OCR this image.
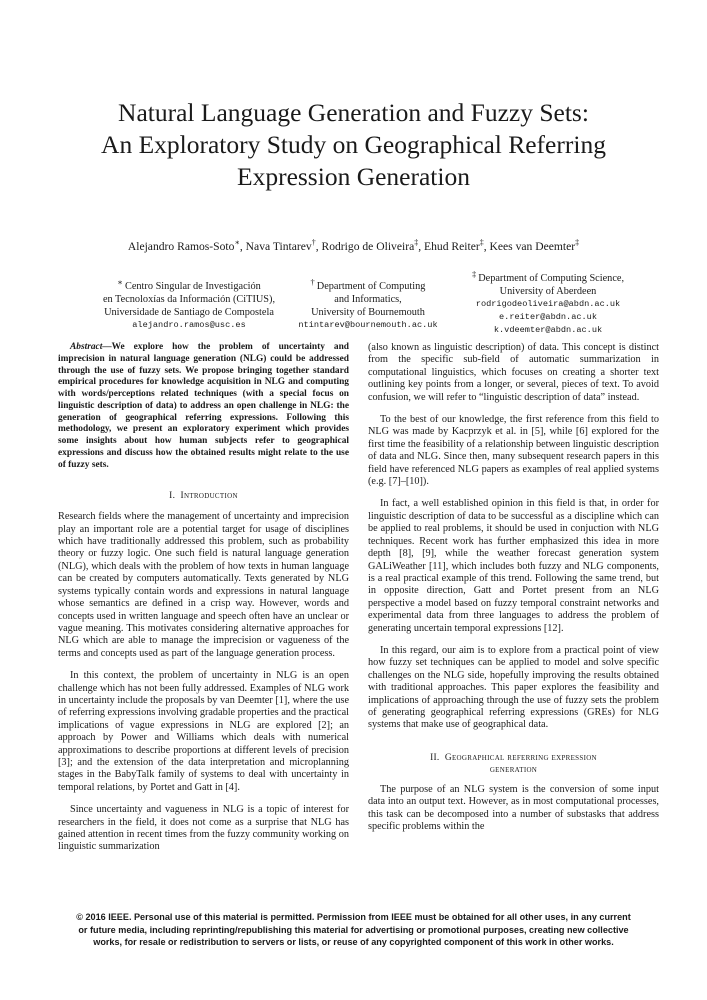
Natural Language Generation and Fuzzy Sets:
An Exploratory Study on Geographical Referring
Expression Generation
Alejandro Ramos-Soto∗, Nava Tintarev†, Rodrigo de Oliveira‡, Ehud Reiter‡, Kees van Deemter‡
∗ Centro Singular de Investigación
en Tecnoloxías da Información (CiTIUS),
Universidade de Santiago de Compostela
alejandro.ramos@usc.es
† Department of Computing
and Informatics,
University of Bournemouth
ntintarev@bournemouth.ac.uk
‡ Department of Computing Science,
University of Aberdeen
rodrigodeoliveira@abdn.ac.uk
e.reiter@abdn.ac.uk
k.vdeemter@abdn.ac.uk

Abstract—We explore how the problem of uncertainty and imprecision in natural language generation (NLG) could be addressed through the use of fuzzy sets. We propose bringing together standard empirical procedures for knowledge acquisition in NLG and computing with words/perceptions related techniques (with a special focus on linguistic description of data) to address an open challenge in NLG: the generation of geographical referring expressions. Following this methodology, we present an exploratory experiment which provides some insights about how human subjects refer to geographical expressions and discuss how the obtained results might relate to the use of fuzzy sets.

I. Introduction

Research fields where the management of uncertainty and imprecision play an important role are a potential target for usage of disciplines which have traditionally addressed this problem, such as probability theory or fuzzy logic. One such field is natural language generation (NLG), which deals with the problem of how texts in human language can be created by computers automatically. Texts generated by NLG systems typically contain words and expressions in natural language whose semantics are defined in a crisp way. However, words and concepts used in written language and speech often have an unclear or vague meaning. This motivates considering alternative approaches for NLG which are able to manage the imprecision or vagueness of the terms and concepts used as part of the language generation process.

In this context, the problem of uncertainty in NLG is an open challenge which has not been fully addressed. Examples of NLG work in uncertainty include the proposals by van Deemter [1], where the use of referring expressions involving gradable properties and the practical implications of vague expressions in NLG are explored [2]; an approach by Power and Williams which deals with numerical approximations to describe proportions at different levels of precision [3]; and the extension of the data interpretation and microplanning stages in the BabyTalk family of systems to deal with uncertainty in temporal relations, by Portet and Gatt in [4].

Since uncertainty and vagueness in NLG is a topic of interest for researchers in the field, it does not come as a surprise that NLG has gained attention in recent times from the fuzzy community working on linguistic summarization

(also known as linguistic description) of data. This concept is distinct from the specific sub-field of automatic summarization in computational linguistics, which focuses on creating a shorter text outlining key points from a longer, or several, pieces of text. To avoid confusion, we will refer to “linguistic description of data” instead.

To the best of our knowledge, the first reference from this field to NLG was made by Kacprzyk et al. in [5], while [6] explored for the first time the feasibility of a relationship between linguistic description of data and NLG. Since then, many subsequent research papers in this field have referenced NLG papers as examples of real applied systems (e.g. [7]–[10]).

In fact, a well established opinion in this field is that, in order for linguistic description of data to be successful as a discipline which can be applied to real problems, it should be used in conjuction with NLG techniques. Recent work has further emphasized this idea in more depth [8], [9], while the weather forecast generation system GALiWeather [11], which includes both fuzzy and NLG components, is a real practical example of this trend. Following the same trend, but in opposite direction, Gatt and Portet present from an NLG perspective a model based on fuzzy temporal constraint networks and experimental data from three languages to address the problem of generating uncertain temporal expressions [12].

In this regard, our aim is to explore from a practical point of view how fuzzy set techniques can be applied to model and solve specific challenges on the NLG side, hopefully improving the results obtained with traditional approaches. This paper explores the feasibility and implications of approaching through the use of fuzzy sets the problem of generating geographical referring expressions (GREs) for NLG systems that make use of geographical data.

II. Geographical referring expression
generation

The purpose of an NLG system is the conversion of some input data into an output text. However, as in most computational processes, this task can be decomposed into a number of substasks that address specific problems within the

© 2016 IEEE. Personal use of this material is permitted. Permission from IEEE must be obtained for all other uses, in any current
or future media, including reprinting/republishing this material for advertising or promotional purposes, creating new collective
works, for resale or redistribution to servers or lists, or reuse of any copyrighted component of this work in other works.
